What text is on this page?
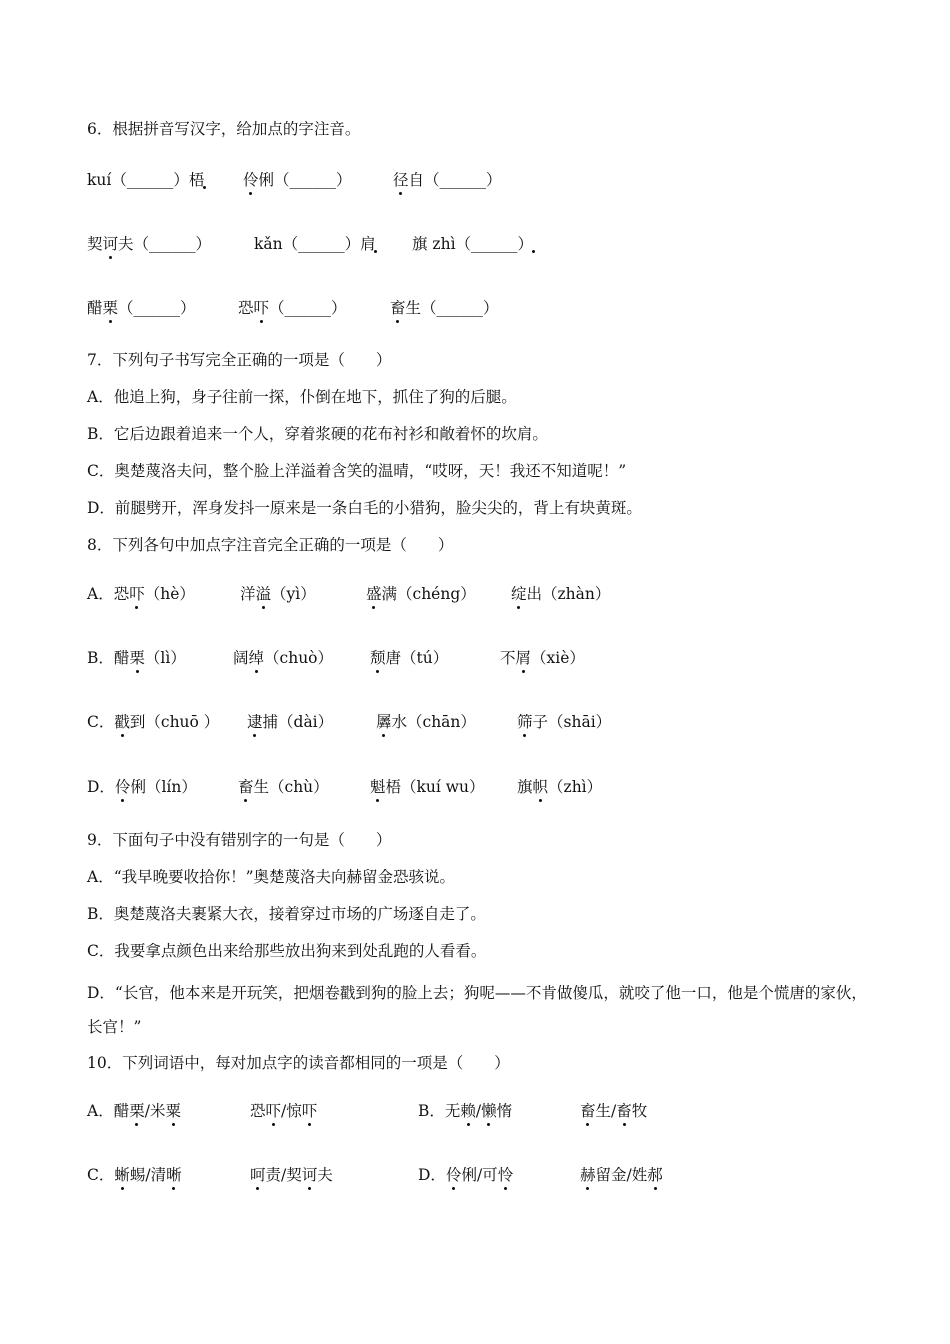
6．根据拼音写汉字，给加点的字注音。
kuí（______）梧 伶俐（______）	径自（______）
契诃夫（______）	kǎn（______）肩 旗 zhì（______）
醋栗（______）	恐吓（______）	畜生（______）
7．下列句子书写完全正确的一项是（　　）
A．他追上狗，身子往前一探，仆倒在地下，抓住了狗的后腿。
B．它后边跟着追来一个人，穿着浆硬的花布衬衫和敞着怀的坎肩。
C．奥楚蔑洛夫问，整个脸上洋溢着含笑的温晴，“哎呀，天！我还不知道呢！”
D．前腿劈开，浑身发抖一原来是一条白毛的小猎狗，脸尖尖的，背上有块黄斑。
8．下列各句中加点字注音完全正确的一项是（　　）
A．恐吓（hè）	洋溢（yì）	盛满（chéng） 绽出（zhàn）
B．醋栗（lì）	阔绰（chuò） 颓唐（tú）	不屑（xiè）
C．戳到（chuō ） 逮捕（dài）	羼水（chān）	筛子（shāi）
D．伶俐（lín）	畜生（chù）	魁梧（kuí wu） 旗帜（zhì）
9．下面句子中没有错别字的一句是（　　）
A．“我早晚要收拾你！”奥楚蔑洛夫向赫留金恐骇说。
B．奥楚蔑洛夫裹紧大衣，接着穿过市场的广场逐自走了。
C．我要拿点颜色出来给那些放出狗来到处乱跑的人看看。
D．“长官，他本来是开玩笑，把烟卷戳到狗的脸上去；狗呢——不肯做傻瓜，就咬了他一口，他是个慌唐的家伙，长官！”
10．下列词语中，每对加点字的读音都相同的一项是（　　）
A．醋栗/米粟	恐吓/惊吓	B．无赖/懒惰	畜生/畜牧
C．蜥蜴/清晰	呵责/契诃夫	D．伶俐/可怜	赫留金/姓郝
